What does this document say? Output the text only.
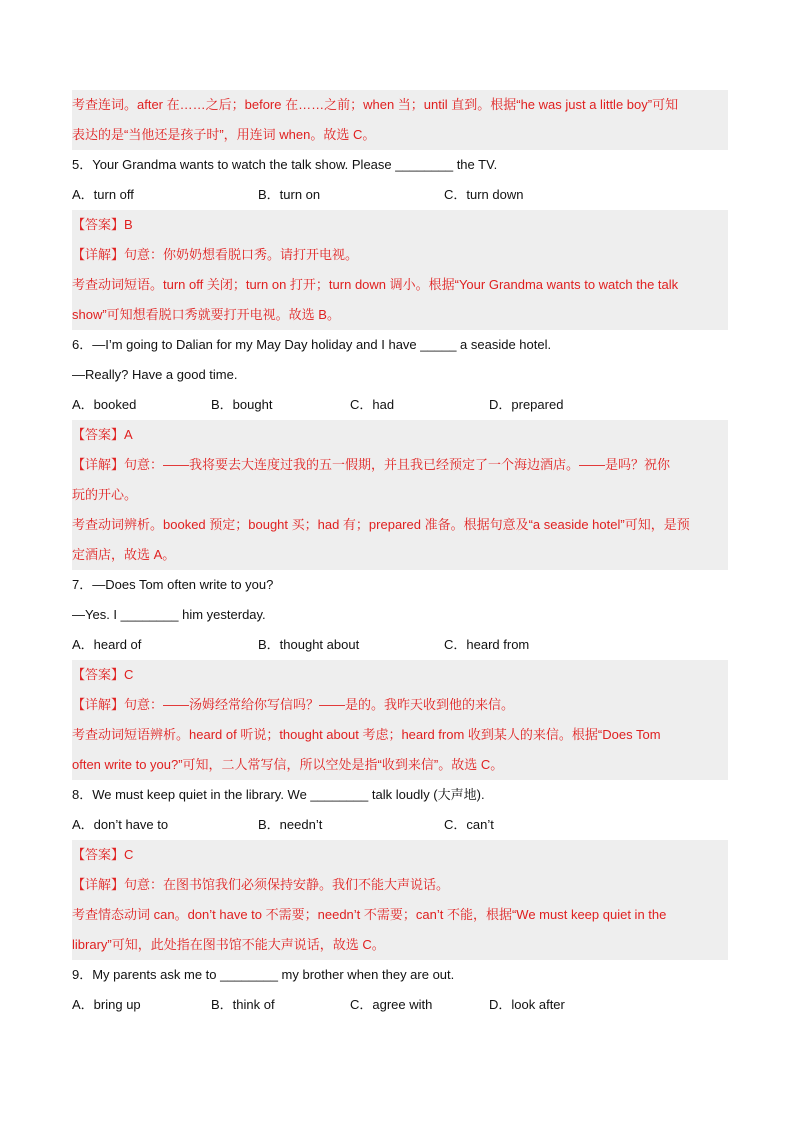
考查连词。after 在……之后；before 在……之前；when 当；until 直到。根据“he was just a little boy”可知
表达的是“当他还是孩子时”，用连词 when。故选 C。
5．Your Grandma wants to watch the talk show. Please ________ the TV.
A．turn off	B．turn on	C．turn down
【答案】B
【详解】句意：你奶奶想看脱口秀。请打开电视。
考查动词短语。turn off 关闭；turn on 打开；turn down 调小。根据“Your Grandma wants to watch the talk
show”可知想看脱口秀就要打开电视。故选 B。
6．—I’m going to Dalian for my May Day holiday and I have _____ a seaside hotel.
—Really? Have a good time.
A．booked	B．bought	C．had	D．prepared
【答案】A
【详解】句意：——我将要去大连度过我的五一假期，并且我已经预定了一个海边酒店。——是吗？祝你
玩的开心。
考查动词辨析。booked 预定；bought 买；had 有；prepared 准备。根据句意及“a seaside hotel”可知，是预
定酒店，故选 A。
7．—Does Tom often write to you?
—Yes. I ________ him yesterday.
A．heard of	B．thought about	C．heard from
【答案】C
【详解】句意：——汤姆经常给你写信吗？——是的。我昨天收到他的来信。
考查动词短语辨析。heard of 听说；thought about 考虑；heard from 收到某人的来信。根据“Does Tom
often write to you?”可知，二人常写信，所以空处是指“收到来信”。故选 C。
8．We must keep quiet in the library. We ________ talk loudly (大声地).
A．don’t have to	B．needn’t	C．can’t
【答案】C
【详解】句意：在图书馆我们必须保持安静。我们不能大声说话。
考查情态动词 can。don’t have to 不需要；needn’t 不需要；can’t 不能，根据“We must keep quiet in the
library”可知，此处指在图书馆不能大声说话，故选 C。
9．My parents ask me to ________ my brother when they are out.
A．bring up	B．think of	C．agree with	D．look after
